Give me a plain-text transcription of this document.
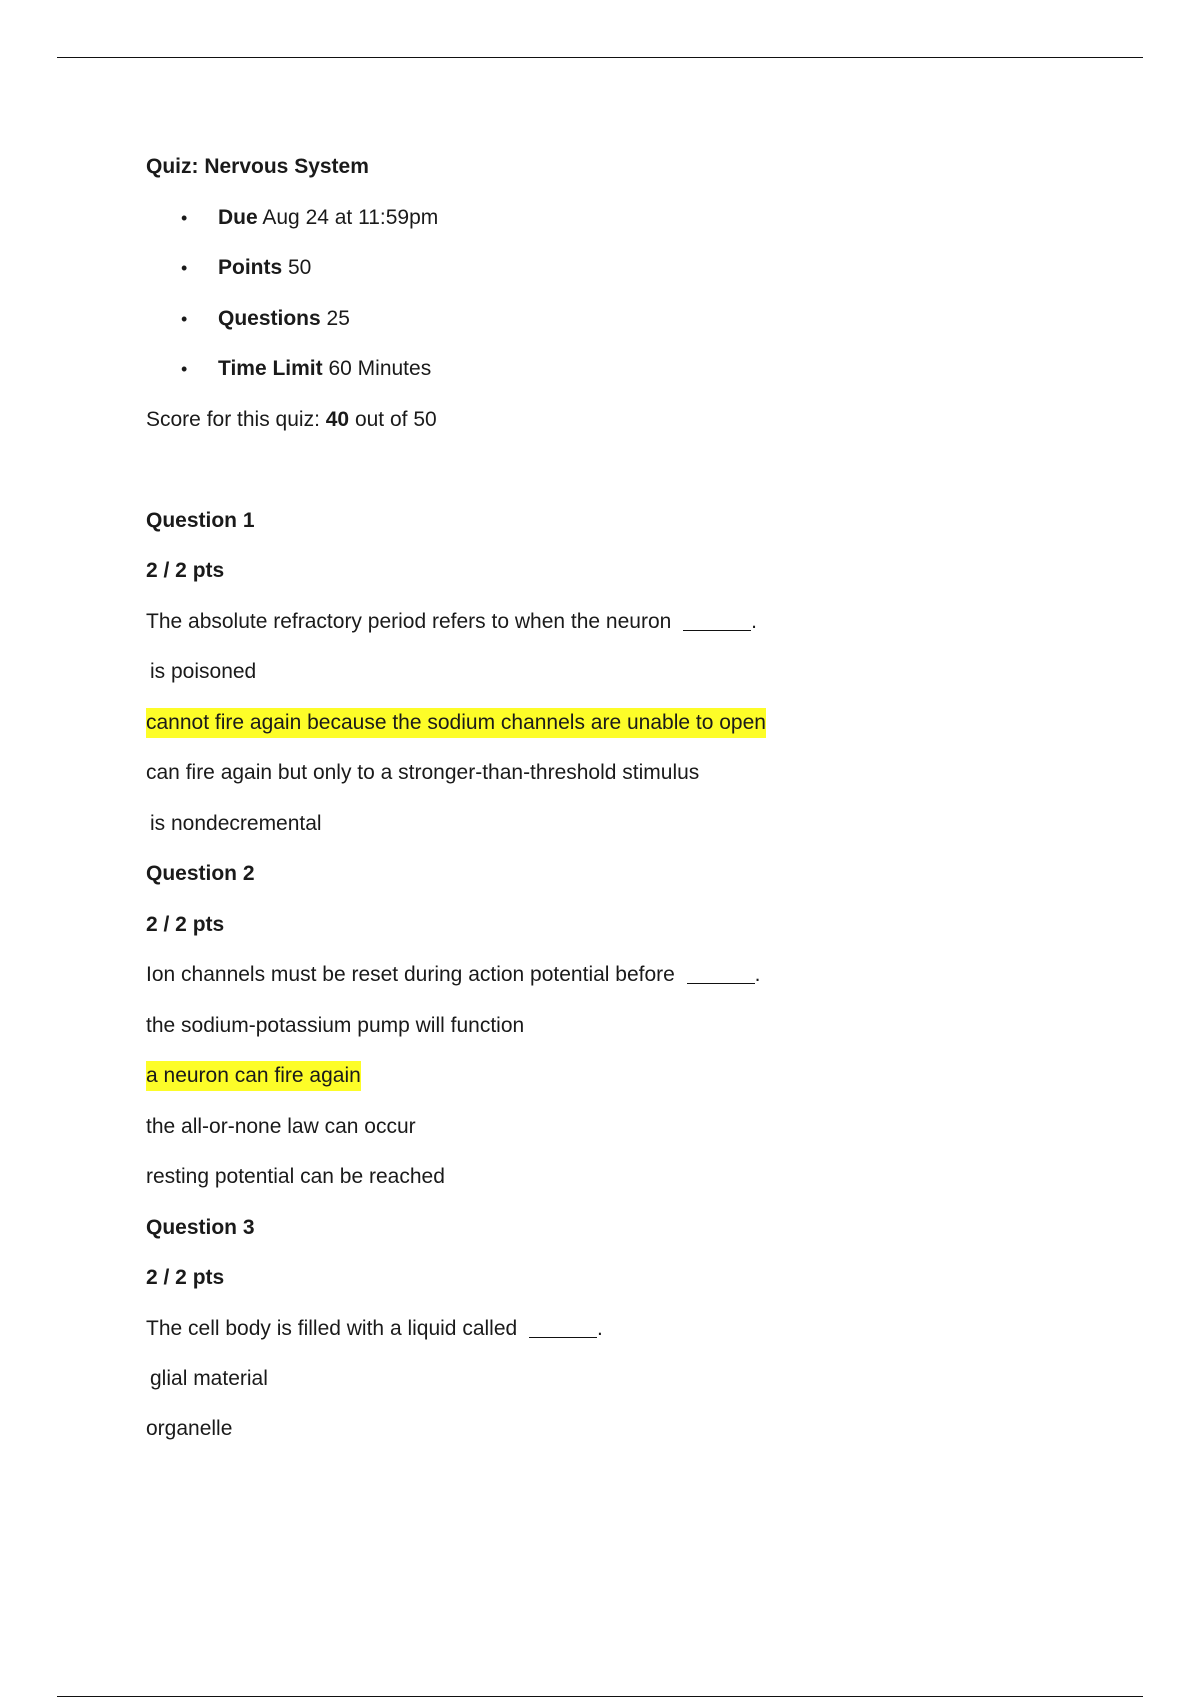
Quiz: Nervous System
• Due Aug 24 at 11:59pm
• Points 50
• Questions 25
• Time Limit 60 Minutes
Score for this quiz: 40 out of 50
Question 1
2 / 2 pts
The absolute refractory period refers to when the neuron	.
is poisoned
cannot fire again because the sodium channels are unable to open
can fire again but only to a stronger-than-threshold stimulus
is nondecremental
Question 2
2 / 2 pts
Ion channels must be reset during action potential before	.
the sodium-potassium pump will function
a neuron can fire again
the all-or-none law can occur
resting potential can be reached
Question 3
2 / 2 pts
The cell body is filled with a liquid called	.
glial material
organelle
